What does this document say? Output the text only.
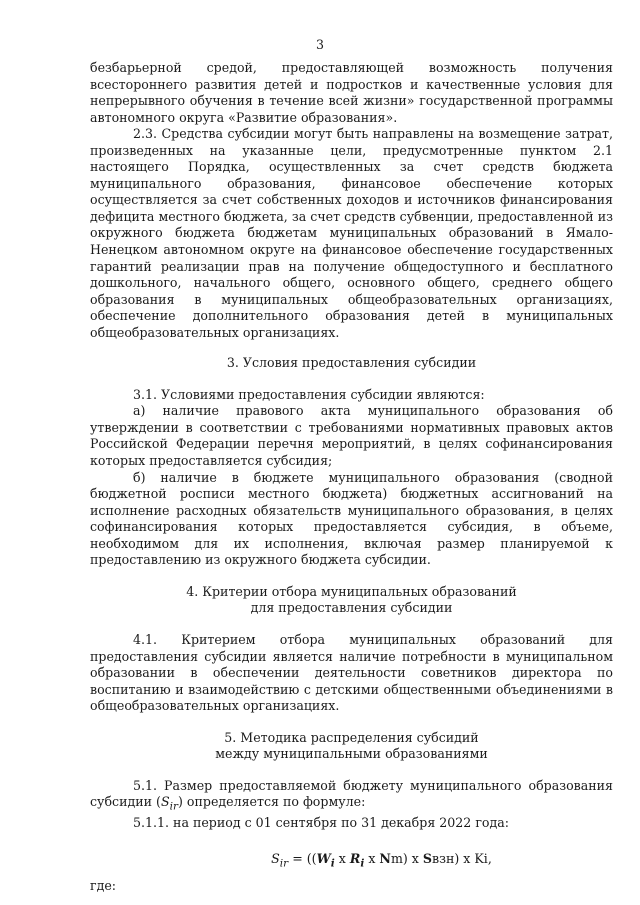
3

безбарьерной средой, предоставляющей возможность получения всестороннего развития детей и подростков и качественные условия для непрерывного обучения в течение всей жизни» государственной программы автономного округа «Развитие образования».

2.3. Средства субсидии могут быть направлены на возмещение затрат, произведенных на указанные цели, предусмотренные пунктом 2.1 настоящего Порядка, осуществленных за счет средств бюджета муниципального образования, финансовое обеспечение которых осуществляется за счет собственных доходов и источников финансирования дефицита местного бюджета, за счет средств субвенции, предоставленной из окружного бюджета бюджетам муниципальных образований в Ямало-Ненецком автономном округе на финансовое обеспечение государственных гарантий реализации прав на получение общедоступного и бесплатного дошкольного, начального общего, основного общего, среднего общего образования в муниципальных общеобразовательных организациях, обеспечение дополнительного образования детей в муниципальных общеобразовательных организациях.

3. Условия предоставления субсидии

3.1. Условиями предоставления субсидии являются:

а) наличие правового акта муниципального образования об утверждении в соответствии с требованиями нормативных правовых актов Российской Федерации перечня мероприятий, в целях софинансирования которых предоставляется субсидия;

б) наличие в бюджете муниципального образования (сводной бюджетной росписи местного бюджета) бюджетных ассигнований на исполнение расходных обязательств муниципального образования, в целях софинансирования которых предоставляется субсидия, в объеме, необходимом для их исполнения, включая размер планируемой к предоставлению из окружного бюджета субсидии.

4. Критерии отбора муниципальных образований
для предоставления субсидии

4.1. Критерием отбора муниципальных образований для предоставления субсидии является наличие потребности в муниципальном образовании в обеспечении деятельности советников директора по воспитанию и взаимодействию с детскими общественными объединениями в общеобразовательных организациях.

5. Методика распределения субсидий
между муниципальными образованиями

5.1. Размер предоставляемой бюджету муниципального образования субсидии $(S_{ir})$ определяется по формуле:

5.1.1. на период с 01 сентября по 31 декабря 2022 года:

$S_{ir} = ((W_i$ x $R_i$ x Nm) x Sвзн) x Ki,

где:
